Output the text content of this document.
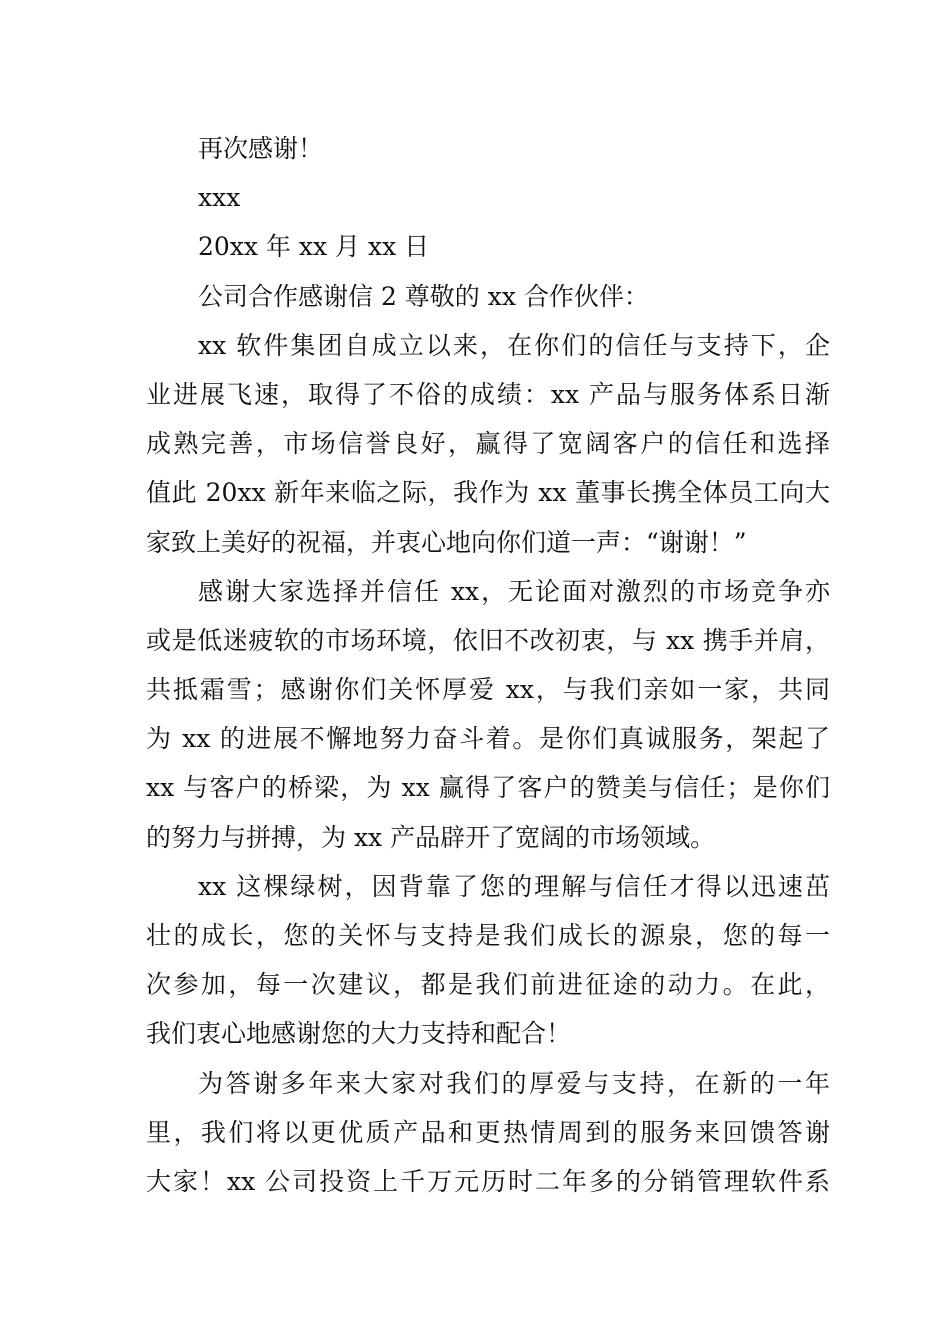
再次感谢！
xxx
20xx 年 xx 月 xx 日
公司合作感谢信 2 尊敬的 xx 合作伙伴：
xx 软件集团自成立以来，在你们的信任与支持下，企
业进展飞速，取得了不俗的成绩：xx 产品与服务体系日渐
成熟完善，市场信誉良好，赢得了宽阔客户的信任和选择
值此 20xx 新年来临之际，我作为 xx 董事长携全体员工向大
家致上美好的祝福，并衷心地向你们道一声：“谢谢！”
感谢大家选择并信任 xx，无论面对激烈的市场竞争亦
或是低迷疲软的市场环境，依旧不改初衷，与 xx 携手并肩，
共抵霜雪；感谢你们关怀厚爱 xx，与我们亲如一家，共同
为 xx 的进展不懈地努力奋斗着。是你们真诚服务，架起了
xx 与客户的桥梁，为 xx 赢得了客户的赞美与信任；是你们
的努力与拼搏，为 xx 产品辟开了宽阔的市场领域。
xx 这棵绿树，因背靠了您的理解与信任才得以迅速茁
壮的成长，您的关怀与支持是我们成长的源泉，您的每一
次参加，每一次建议，都是我们前进征途的动力。在此，
我们衷心地感谢您的大力支持和配合！
为答谢多年来大家对我们的厚爱与支持，在新的一年
里，我们将以更优质产品和更热情周到的服务来回馈答谢
大家！xx 公司投资上千万元历时二年多的分销管理软件系
